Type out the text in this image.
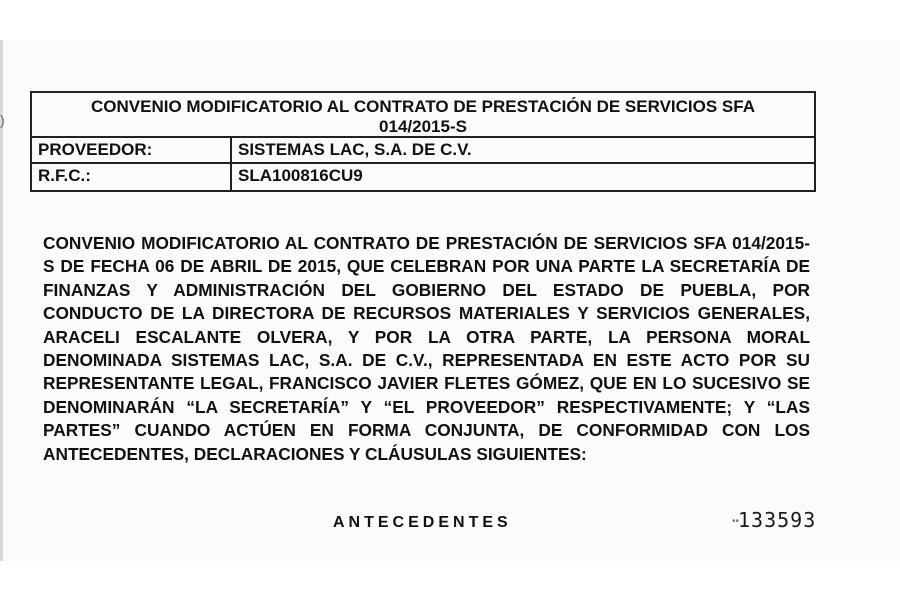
)
CONVENIO MODIFICATORIO AL CONTRATO DE PRESTACIÓN DE SERVICIOS SFA
014/2015-S
PROVEEDOR:	SISTEMAS LAC, S.A. DE C.V.
R.F.C.:	SLA100816CU9
CONVENIO MODIFICATORIO AL CONTRATO DE PRESTACIÓN DE SERVICIOS SFA 014/2015-S DE FECHA 06 DE ABRIL DE 2015, QUE CELEBRAN POR UNA PARTE LA SECRETARÍA DE FINANZAS Y ADMINISTRACIÓN DEL GOBIERNO DEL ESTADO DE PUEBLA, POR CONDUCTO DE LA DIRECTORA DE RECURSOS MATERIALES Y SERVICIOS GENERALES, ARACELI ESCALANTE OLVERA, Y POR LA OTRA PARTE, LA PERSONA MORAL DENOMINADA SISTEMAS LAC, S.A. DE C.V., REPRESENTADA EN ESTE ACTO POR SU REPRESENTANTE LEGAL, FRANCISCO JAVIER FLETES GÓMEZ, QUE EN LO SUCESIVO SE DENOMINARÁN “LA SECRETARÍA” Y “EL PROVEEDOR” RESPECTIVAMENTE; Y “LAS PARTES” CUANDO ACTÚEN EN FORMA CONJUNTA, DE CONFORMIDAD CON LOS ANTECEDENTES, DECLARACIONES Y CLÁUSULAS SIGUIENTES:
ANTECEDENTES	••
133593
